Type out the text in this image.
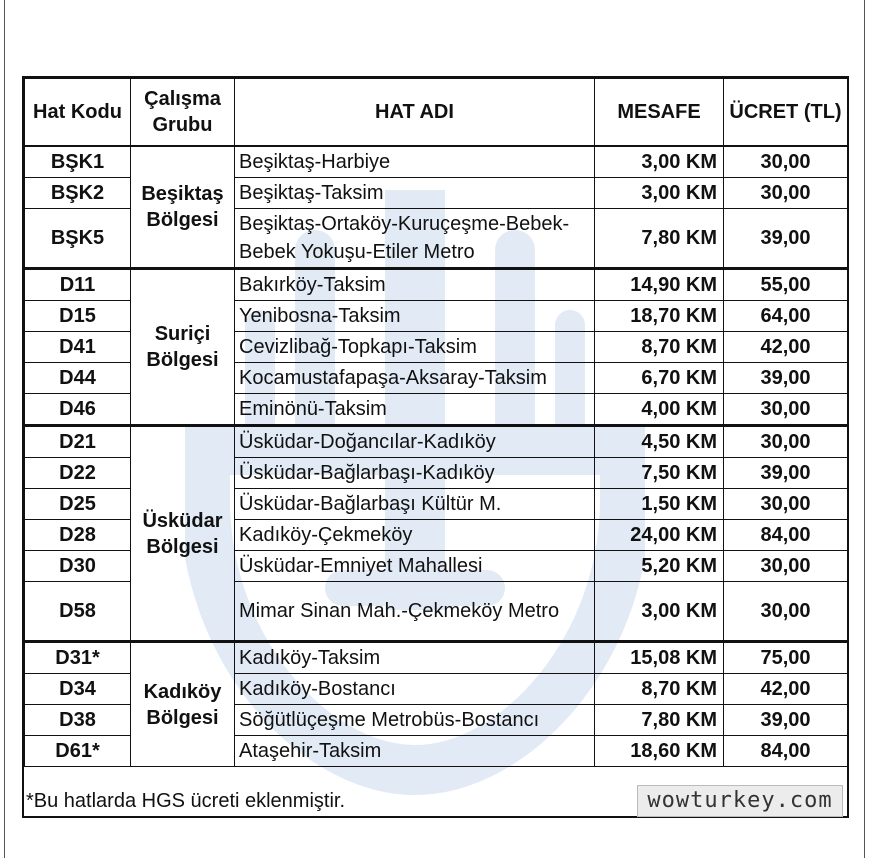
Hat Kodu	Çalışma Grubu	HAT ADI	MESAFE	ÜCRET (TL)
BŞK1	Beşiktaş Bölgesi	Beşiktaş-Harbiye	3,00 KM	30,00
BŞK2		Beşiktaş-Taksim	3,00 KM	30,00
BŞK5		Beşiktaş-Ortaköy-Kuruçeşme-Bebek-Bebek Yokuşu-Etiler Metro	7,80 KM	39,00
D11	Suriçi Bölgesi	Bakırköy-Taksim	14,90 KM	55,00
D15		Yenibosna-Taksim	18,70 KM	64,00
D41		Cevizlibağ-Topkapı-Taksim	8,70 KM	42,00
D44		Kocamustafapaşa-Aksaray-Taksim	6,70 KM	39,00
D46		Eminönü-Taksim	4,00 KM	30,00
D21	Üsküdar Bölgesi	Üsküdar-Doğancılar-Kadıköy	4,50 KM	30,00
D22		Üsküdar-Bağlarbaşı-Kadıköy	7,50 KM	39,00
D25		Üsküdar-Bağlarbaşı Kültür M.	1,50 KM	30,00
D28		Kadıköy-Çekmeköy	24,00 KM	84,00
D30		Üsküdar-Emniyet Mahallesi	5,20 KM	30,00
D58		Mimar Sinan Mah.-Çekmeköy Metro	3,00 KM	30,00
D31*	Kadıköy Bölgesi	Kadıköy-Taksim	15,08 KM	75,00
D34		Kadıköy-Bostancı	8,70 KM	42,00
D38		Söğütlüçeşme Metrobüs-Bostancı	7,80 KM	39,00
D61*		Ataşehir-Taksim	18,60 KM	84,00
*Bu hatlarda HGS ücreti eklenmiştir.	wowturkey.com
